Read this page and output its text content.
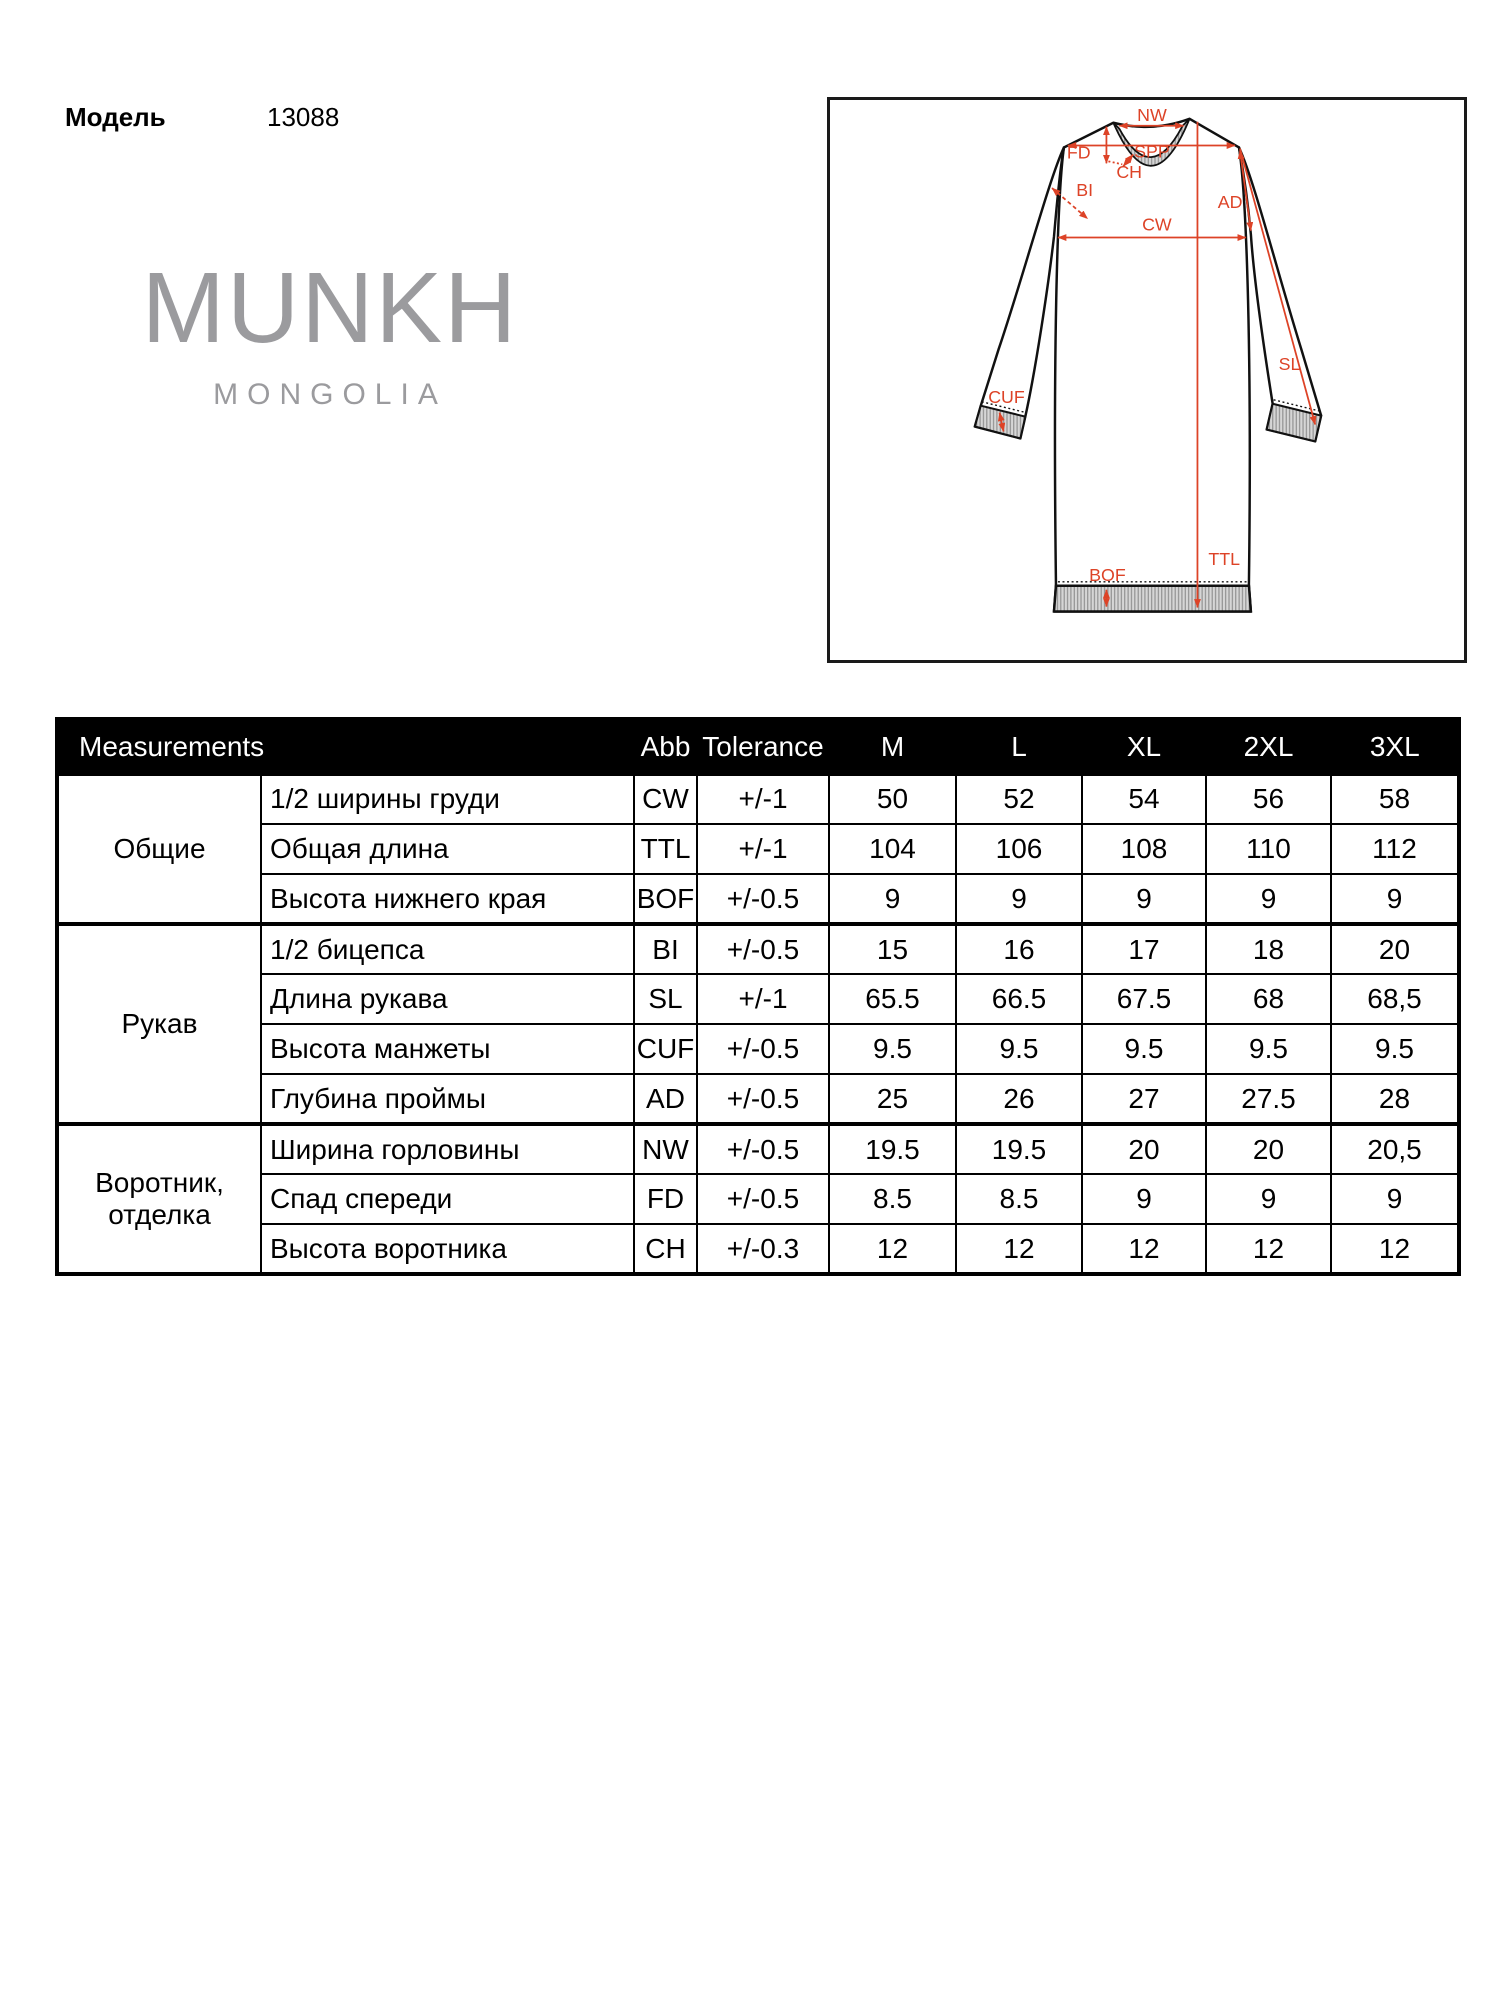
Модель	13088
MUNKH
MONGOLIA
NW
SPP
FD
CH
BI
CW
AD
SL
TTL
BOF
CUF
Measurements		Abb	Tolerance	M	L	XL	2XL	3XL
Общие	1/2 ширины груди	CW	+/-1	50	52	54	56	58
	Общая длина	TTL	+/-1	104	106	108	110	112
	Высота нижнего края	BOF	+/-0.5	9	9	9	9	9
Рукав	1/2 бицепса	BI	+/-0.5	15	16	17	18	20
	Длина рукава	SL	+/-1	65.5	66.5	67.5	68	68,5
	Высота манжеты	CUF	+/-0.5	9.5	9.5	9.5	9.5	9.5
	Глубина проймы	AD	+/-0.5	25	26	27	27.5	28
Воротник, отделка	Ширина горловины	NW	+/-0.5	19.5	19.5	20	20	20,5
	Спад спереди	FD	+/-0.5	8.5	8.5	9	9	9
	Высота воротника	CH	+/-0.3	12	12	12	12	12
